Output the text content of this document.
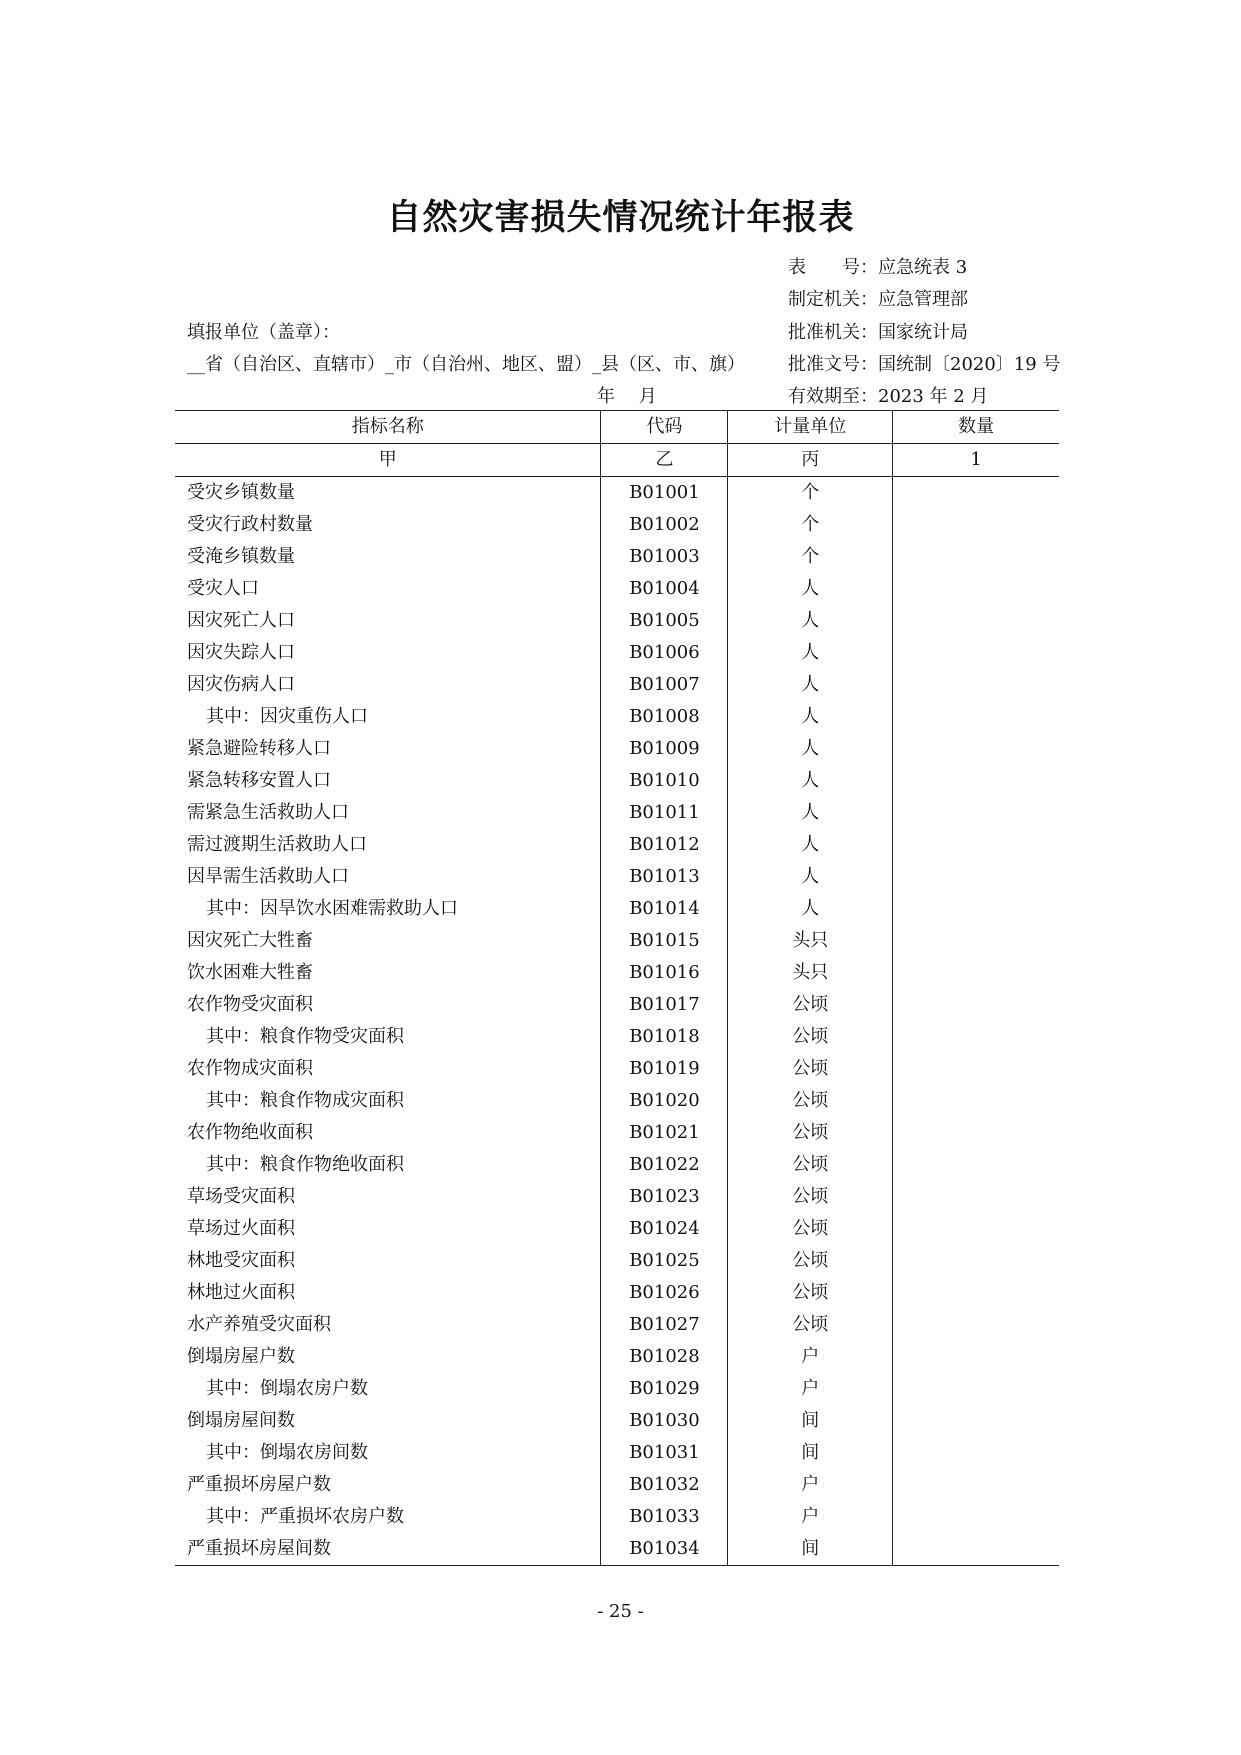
自然灾害损失情况统计年报表
表　　号：应急统表 3
制定机关：应急管理部
填报单位（盖章）：	批准机关：国家统计局
__省（自治区、直辖市）_市（自治州、地区、盟）_县（区、市、旗） 批准文号：国统制〔2020〕19 号
年　 月	有效期至：2023 年 2 月
指标名称	代码	计量单位	数量
甲	乙	丙	1
受灾乡镇数量	B01001	个	
受灾行政村数量	B01002	个	
受淹乡镇数量	B01003	个	
受灾人口	B01004	人	
因灾死亡人口	B01005	人	
因灾失踪人口	B01006	人	
因灾伤病人口	B01007	人	
其中：因灾重伤人口	B01008	人	
紧急避险转移人口	B01009	人	
紧急转移安置人口	B01010	人	
需紧急生活救助人口	B01011	人	
需过渡期生活救助人口	B01012	人	
因旱需生活救助人口	B01013	人	
其中：因旱饮水困难需救助人口	B01014	人	
因灾死亡大牲畜	B01015	头只	
饮水困难大牲畜	B01016	头只	
农作物受灾面积	B01017	公顷	
其中：粮食作物受灾面积	B01018	公顷	
农作物成灾面积	B01019	公顷	
其中：粮食作物成灾面积	B01020	公顷	
农作物绝收面积	B01021	公顷	
其中：粮食作物绝收面积	B01022	公顷	
草场受灾面积	B01023	公顷	
草场过火面积	B01024	公顷	
林地受灾面积	B01025	公顷	
林地过火面积	B01026	公顷	
水产养殖受灾面积	B01027	公顷	
倒塌房屋户数	B01028	户	
其中：倒塌农房户数	B01029	户	
倒塌房屋间数	B01030	间	
其中：倒塌农房间数	B01031	间	
严重损坏房屋户数	B01032	户	
其中：严重损坏农房户数	B01033	户	
严重损坏房屋间数	B01034	间	
- 25 -
